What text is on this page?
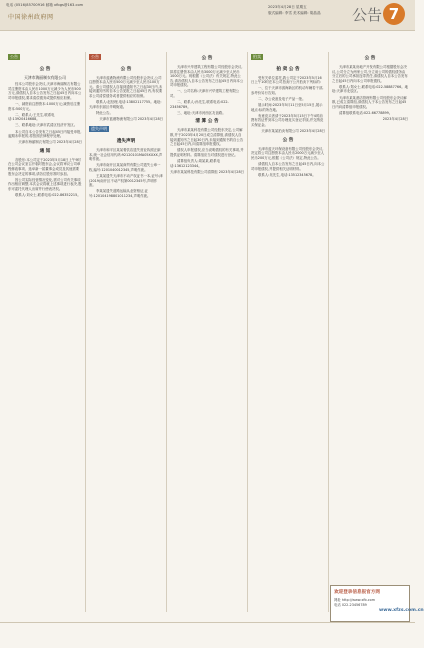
电话 (0516)85700916 邮箱 xfbgs@163.com
中国徐州政府网
2023年4月28日 星期五
版式编辑: 李雪 美术编辑: 胡晶晶	公告 7
公告
公 告
天津市海丽制衣有限公司

经本公司股东会决议,天津市海丽制衣有限公司注册资本由人民币1000万元减少为人民币500万元,请债权人自本公告发布之日起45日内向本公司申报债权,要求清偿债务或提供相应担保。

一、减资前注册资本:1000万元;减资后注册资本:500万元。

二、联系人:王先生,联系电话:13920416688。

三、联系地址:天津市武清区经济开发区。

本公司自本公告发布之日起45日内接受申报,逾期未申报的,将按照法律程序处理。

天津市海丽制衣有限公司 2023年4月28日
通 知

各股东:本公司定于2023年5月18日上午9时在公司会议室召开临时股东会,会议将审议公司章程修改事项、选举新一届董事会成员及其他需要股东会决定的事项,请各位股东准时参加。

因公司实际经营情况变化,需对公司有关事项作出相应调整,本次会议将就上述事项进行表决,股东可委托代理人出席并行使表决权。

联系人:刘女士,联系电话:022-86352215。

公告
公 告

天津市蓝港物流有限公司经股东会决议,公司注册资本由人民币500万元减少至人民币100万元。请公司债权人自接到通知书之日起30日内,未接到通知书的自本公告见报之日起45日内,有权要求公司清偿债务或者提供相应的担保。

联系人:赵经理,电话:13802117755。地址:天津市东丽区华明街道。

特此公告。

天津市蓝港物流有限公司 2023年4月28日
遗失声明
遗失声明

天津市和平区某某餐饮店遗失营业执照正副本,统一社会信用代码:92120101MA05XXXX,声明作废。

天津市南开区某某商贸有限公司遗失公章一枚,编号:1201040012345,声明作废。

王某某遗失天津市不动产权证书一本,证号:津(2019)南开区不动产权第0012345号,声明作废。

李某某遗失道路运输从业资格证,证号:120104198801011234,声明作废。

公 告

天津市兴华建筑工程有限公司经股东会决议,拟将注册资本由人民币3000万元减少至人民币1000万元。现根据《公司法》有关规定,特此公告,请各债权人自本公告发布之日起45日内向本公司申报债权。

一、公司名称:天津市兴华建筑工程有限公司。

二、联系人:孙先生,联系电话:022-23456789。

三、地址:天津市河西区友谊路。

清 算 公 告

天津市某某科技有限公司经股东决定,公司解散,并于2023年4月20日成立清算组,请债权人自接到通知书之日起30日内,未接到通知书的自公告之日起45日内,向清算组申报债权。

债权人申报债权,应当说明债权的有关事项,并提供证明材料。清算组应当对债权进行登记。

清算组负责人:周某某,联系电话:13612123344。

天津市某某科技有限公司清算组 2023年4月28日
拍卖
拍 卖 公 告

受有关单位委托,我公司定于2023年5月16日上午10时在本公司拍卖厅公开拍卖下列标的:

一、位于天津市滨海新区的机动车辆若干部,参考价另行告知。

二、办公设备及电子产品一批。

展示时间:2023年5月11日至5月15日,展示地点:标的所在地。

有意竞买者请于2023年5月15日下午4时前携有效证件到本公司办理竞买登记手续,并交纳竞买保证金。

天津市某某拍卖有限公司 2023年4月28日
公 告

天津市蓝天环保设备有限公司经股东会决议,决定将公司注册资本由人民币2000万元减少至人民币200万元,根据《公司法》规定,特此公告。

请债权人自本公告发布之日起45日内,向本公司申报债权,并提供相关证明材料。

联系人:吴先生,电话:13512345678。

公 告

天津市某某房地产开发有限公司根据股东会决议,公司分立为两家公司,分立前公司的债权债务由分立后的公司承担连带责任,请债权人自本公告发布之日起45日内向本公司申报债权。

联系人:郑女士,联系电话:022-58887766。地址:天津市北辰区。

天津市某某酒店管理有限公司经股东会决议解散,已成立清算组,请债权人于本公告发布之日起45日内向清算组申报债权。

清算组联系电话:022-66778899。

2023年4月28日
欢迎登录信息报官方网
网址 http://www.xfb.com
电话 022-23456789
www.xfzs.com.cn
